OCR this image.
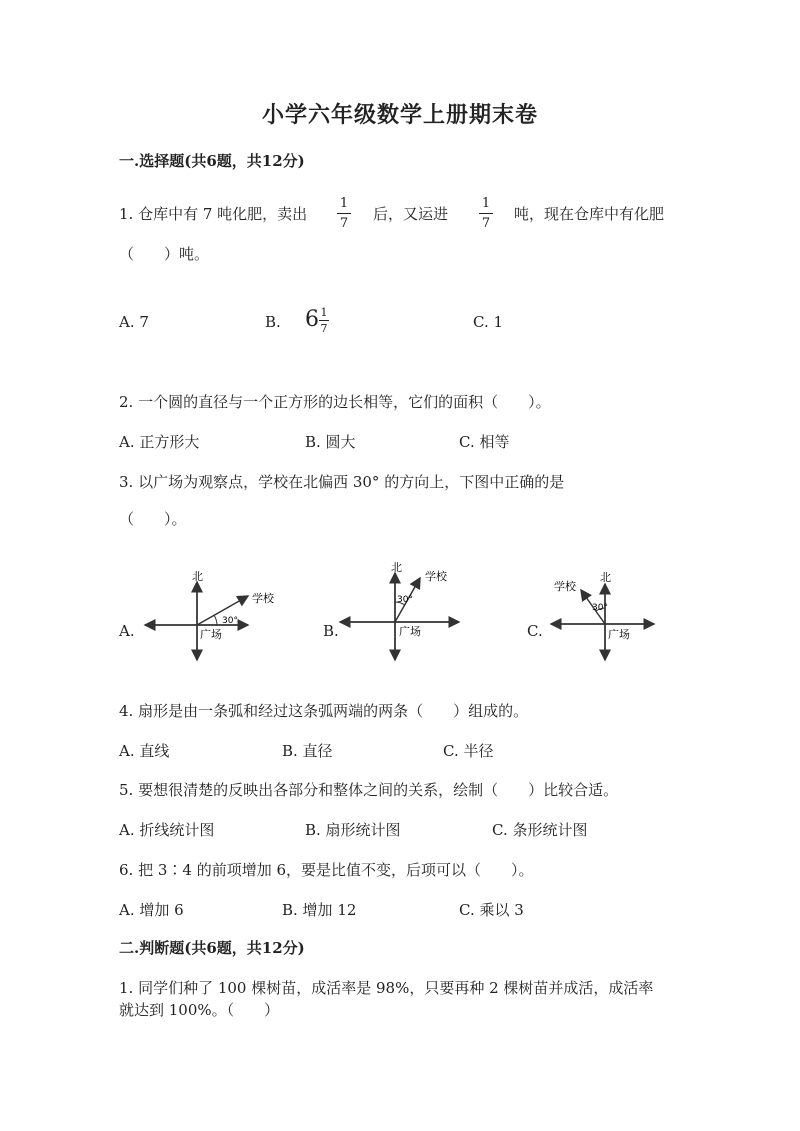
小学六年级数学上册期末卷
一.选择题(共6题，共12分)
1. 仓库中有 7 吨化肥，卖出
1
7
后，又运进
1
7
吨，现在仓库中有化肥
（　　）吨。
A. 7	B. 6 1
7	C. 1
2. 一个圆的直径与一个正方形的边长相等，它们的面积（　　）。
A. 正方形大	B. 圆大	C. 相等
3. 以广场为观察点，学校在北偏西 30° 的方向上，下图中正确的是
（　　）。
A.
北
学校
广场
30°
B.
北
学校
广场
30°
C.
北
学校
广场
30°
4. 扇形是由一条弧和经过这条弧两端的两条（　　）组成的。
A. 直线	B. 直径	C. 半径
5. 要想很清楚的反映出各部分和整体之间的关系，绘制（　　）比较合适。
A. 折线统计图	B. 扇形统计图	C. 条形统计图
6. 把 3∶4 的前项增加 6，要是比值不变，后项可以（　　）。
A. 增加 6	B. 增加 12	C. 乘以 3
二.判断题(共6题，共12分)
1. 同学们种了 100 棵树苗，成活率是 98%，只要再种 2 棵树苗并成活，成活率
就达到 100%。（　　）
